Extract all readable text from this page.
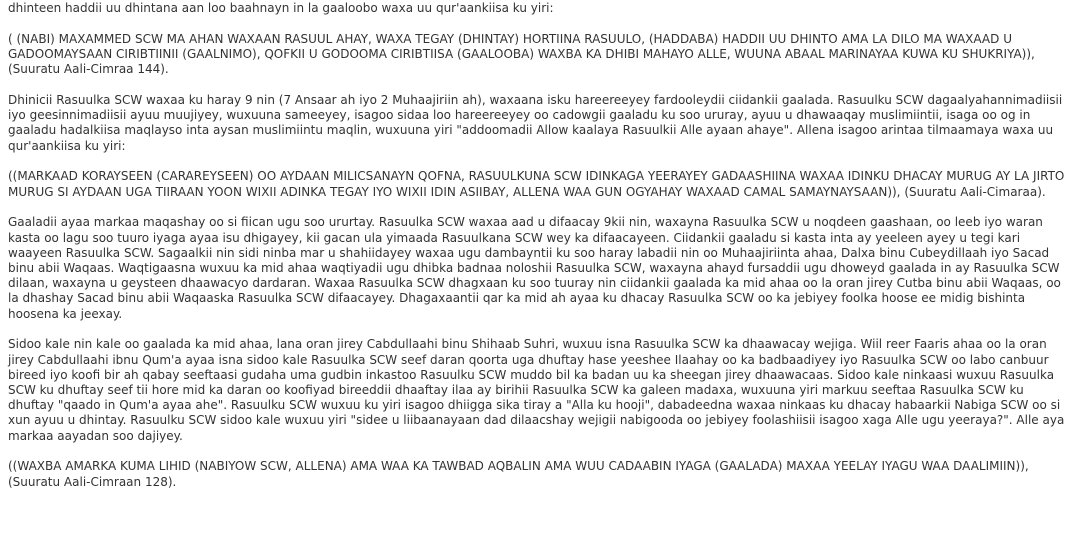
dhinteen haddii uu dhintana aan loo baahnayn in la gaaloobo waxa uu qur'aankiisa ku yiri:

( (NABI) MAXAMMED SCW MA AHAN WAXAAN RASUUL AHAY, WAXA TEGAY (DHINTAY) HORTIINA RASUULO, (HADDABA) HADDII UU DHINTO AMA LA DILO MA WAXAAD U GADOOMAYSAAN CIRIBTIINII (GAALNIMO), QOFKII U GODOOMA CIRIBTIISA (GAALOOBA) WAXBA KA DHIBI MAHAYO ALLE, WUUNA ABAAL MARINAYAA KUWA KU SHUKRIYA)), (Suuratu Aali-Cimraa 144).

Dhinicii Rasuulka SCW waxaa ku haray 9 nin (7 Ansaar ah iyo 2 Muhaajiriin ah), waxaana isku hareereeyey fardooleydii ciidankii gaalada. Rasuulku SCW dagaalyahannimadiisii iyo geesinnimadiisii ayuu muujiyey, wuxuuna sameeyey, isagoo sidaa loo hareereeyey oo cadowgii gaaladu ku soo ururay, ayuu u dhawaaqay muslimiintii, isaga oo og in gaaladu hadalkiisa maqlayso inta aysan muslimiintu maqlin, wuxuuna yiri "addoomadii Allow kaalaya Rasuulkii Alle ayaan ahaye". Allena isagoo arintaa tilmaamaya waxa uu qur'aankiisa ku yiri:

((MARKAAD KORAYSEEN (CARAREYSEEN) OO AYDAAN MILICSANAYN QOFNA, RASUULKUNA SCW IDINKAGA YEERAYEY GADAASHIINA WAXAA IDINKU DHACAY MURUG AY LA JIRTO MURUG SI AYDAAN UGA TIIRAAN YOON WIXII ADINKA TEGAY IYO WIXII IDIN ASIIBAY, ALLENA WAA GUN OGYAHAY WAXAAD CAMAL SAMAYNAYSAAN)), (Suuratu Aali-Cimaraa).

Gaaladii ayaa markaa maqashay oo si fiican ugu soo ururtay. Rasuulka SCW waxaa aad u difaacay 9kii nin, waxayna Rasuulka SCW u noqdeen gaashaan, oo leeb iyo waran kasta oo lagu soo tuuro iyaga ayaa isu dhigayey, kii gacan ula yimaada Rasuulkana SCW wey ka difaacayeen. Ciidankii gaaladu si kasta inta ay yeeleen ayey u tegi kari waayeen Rasuulka SCW. Sagaalkii nin sidi ninba mar u shahiidayey waxaa ugu dambayntii ku soo haray labadii nin oo Muhaajiriinta ahaa, Dalxa binu Cubeydillaah iyo Sacad binu abii Waqaas. Waqtigaasna wuxuu ka mid ahaa waqtiyadii ugu dhibka badnaa noloshii Rasuulka SCW, waxayna ahayd fursaddii ugu dhoweyd gaalada in ay Rasuulka SCW dilaan, waxayna u geysteen dhaawacyo dardaran. Waxaa Rasuulka SCW dhagxaan ku soo tuuray nin ciidankii gaalada ka mid ahaa oo la oran jirey Cutba binu abii Waqaas, oo la dhashay Sacad binu abii Waqaaska Rasuulka SCW difaacayey. Dhagaxaantii qar ka mid ah ayaa ku dhacay Rasuulka SCW oo ka jebiyey foolka hoose ee midig bishinta hoosena ka jeexay.

Sidoo kale nin kale oo gaalada ka mid ahaa, lana oran jirey Cabdullaahi binu Shihaab Suhri, wuxuu isna Rasuulka SCW ka dhaawacay wejiga. Wiil reer Faaris ahaa oo la oran jirey Cabdullaahi ibnu Qum'a ayaa isna sidoo kale Rasuulka SCW seef daran qoorta uga dhuftay hase yeeshee Ilaahay oo ka badbaadiyey iyo Rasuulka SCW oo labo canbuur bireed iyo koofi bir ah qabay seeftaasi gudaha uma gudbin inkastoo Rasuulku SCW muddo bil ka badan uu ka sheegan jirey dhaawacaas. Sidoo kale ninkaasi wuxuu Rasuulka SCW ku dhuftay seef tii hore mid ka daran oo koofiyad bireeddii dhaaftay ilaa ay birihii Rasuulka SCW ka galeen madaxa, wuxuuna yiri markuu seeftaa Rasuulka SCW ku dhuftay "qaado in Qum'a ayaa ahe". Rasuulku SCW wuxuu ku yiri isagoo dhiigga sika tiray a "Alla ku hooji", dabadeedna waxaa ninkaas ku dhacay habaarkii Nabiga SCW oo si xun ayuu u dhintay. Rasuulku SCW sidoo kale wuxuu yiri "sidee u liibaanayaan dad dilaacshay wejigii nabigooda oo jebiyey foolashiisii isagoo xaga Alle ugu yeeraya?". Alle aya markaa aayadan soo dajiyey.

((WAXBA AMARKA KUMA LIHID (NABIYOW SCW, ALLENA) AMA WAA KA TAWBAD AQBALIN AMA WUU CADAABIN IYAGA (GAALADA) MAXAA YEELAY IYAGU WAA DAALIMIIN)), (Suuratu Aali-Cimraan 128).
